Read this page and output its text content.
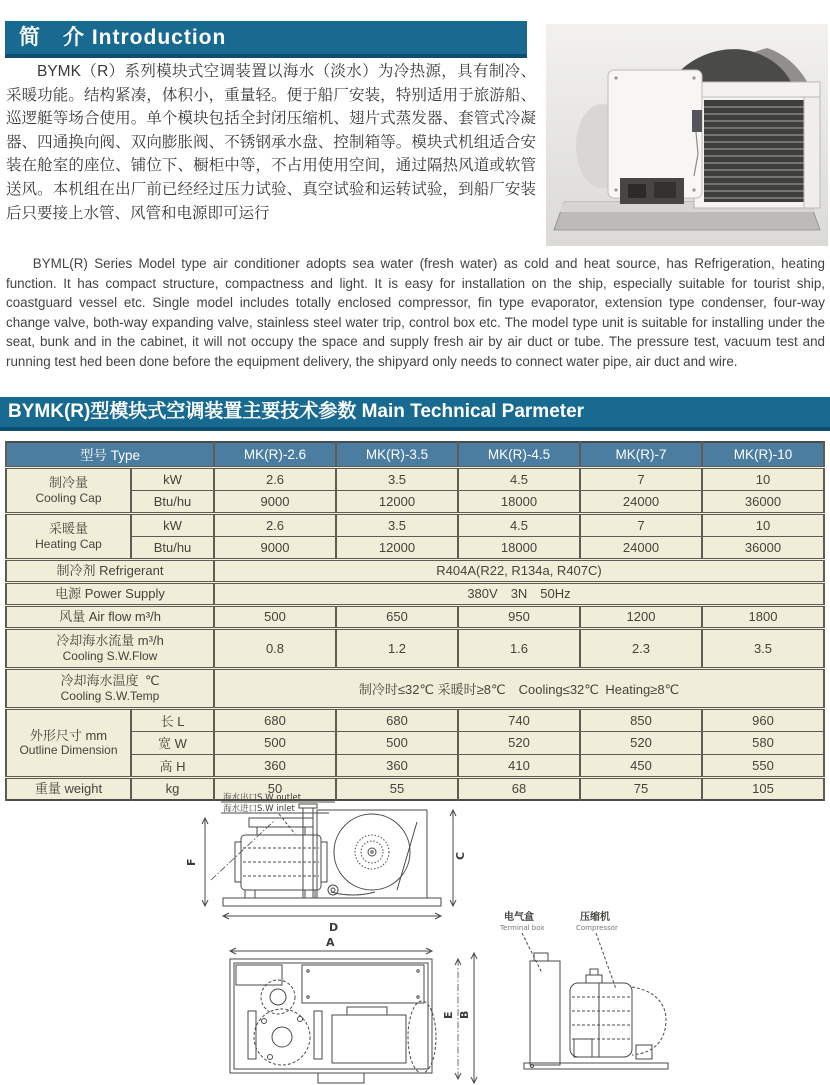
简　介 Introduction
BYMK（R）系列模块式空调装置以海水（淡水）为冷热源，具有制冷、采暖功能。结构紧凑，体积小，重量轻。便于船厂安装，特别适用于旅游船、巡逻艇等场合使用。单个模块包括全封闭压缩机、翅片式蒸发器、套管式冷凝器、四通换向阀、双向膨胀阀、不锈钢承水盘、控制箱等。模块式机组适合安装在舱室的座位、铺位下、橱柜中等，不占用使用空间，通过隔热风道或软管送风。本机组在出厂前已经经过压力试验、真空试验和运转试验，到船厂安装后只要接上水管、风管和电源即可运行
BYML(R) Series Model type air conditioner adopts sea water (fresh water) as cold and heat source, has Refrigeration, heating function. It has compact structure, compactness and light. It is easy for installation on the ship, especially suitable for tourist ship, coastguard vessel etc. Single model includes totally enclosed compressor, fin type evaporator, extension type condenser, four-way change valve, both-way expanding valve, stainless steel water trip, control box etc. The model type unit is suitable for installing under the seat, bunk and in the cabinet, it will not occupy the space and supply fresh air by air duct or tube. The pressure test, vacuum test and running test hed been done before the equipment delivery, the shipyard only needs to connect water pipe, air duct and wire.
BYMK(R)型模块式空调装置主要技术参数 Main Technical Parmeter
型号 Type		MK(R)-2.6	MK(R)-3.5	MK(R)-4.5	MK(R)-7	MK(R)-10

制冷量
Cooling Cap	kW	2.6	3.5	4.5	7	10
	Btu/hu	9000	12000	18000	24000	36000

采暖量
Heating Cap	kW	2.6	3.5	4.5	7	10
	Btu/hu	9000	12000	18000	24000	36000
制冷剂 Refrigerant		R404A(R22, R134a, R407C)				
电源 Power Supply		380V  3N  50Hz				
风量 Air flow m³/h		500	650	950	1200	1800

冷却海水流量 m³/h
Cooling S.W.Flow		0.8	1.2	1.6	2.3	3.5

冷却海水温度 ℃
Cooling S.W.Temp		制冷时≤32℃ 采暖时≥8℃  Cooling≤32℃ Heating≥8℃				

外形尺寸 mm
Outline Dimension	长 L	680	680	740	850	960
	宽 W	500	500	520	520	580
	高 H	360	360	410	450	550
重量 weight	kg	50	55	68	75	105
海水出口S.W outlet
海水进口S.W inlet
F
C
D
A
E B
电气盒
Terminal box
压缩机
Compressor
